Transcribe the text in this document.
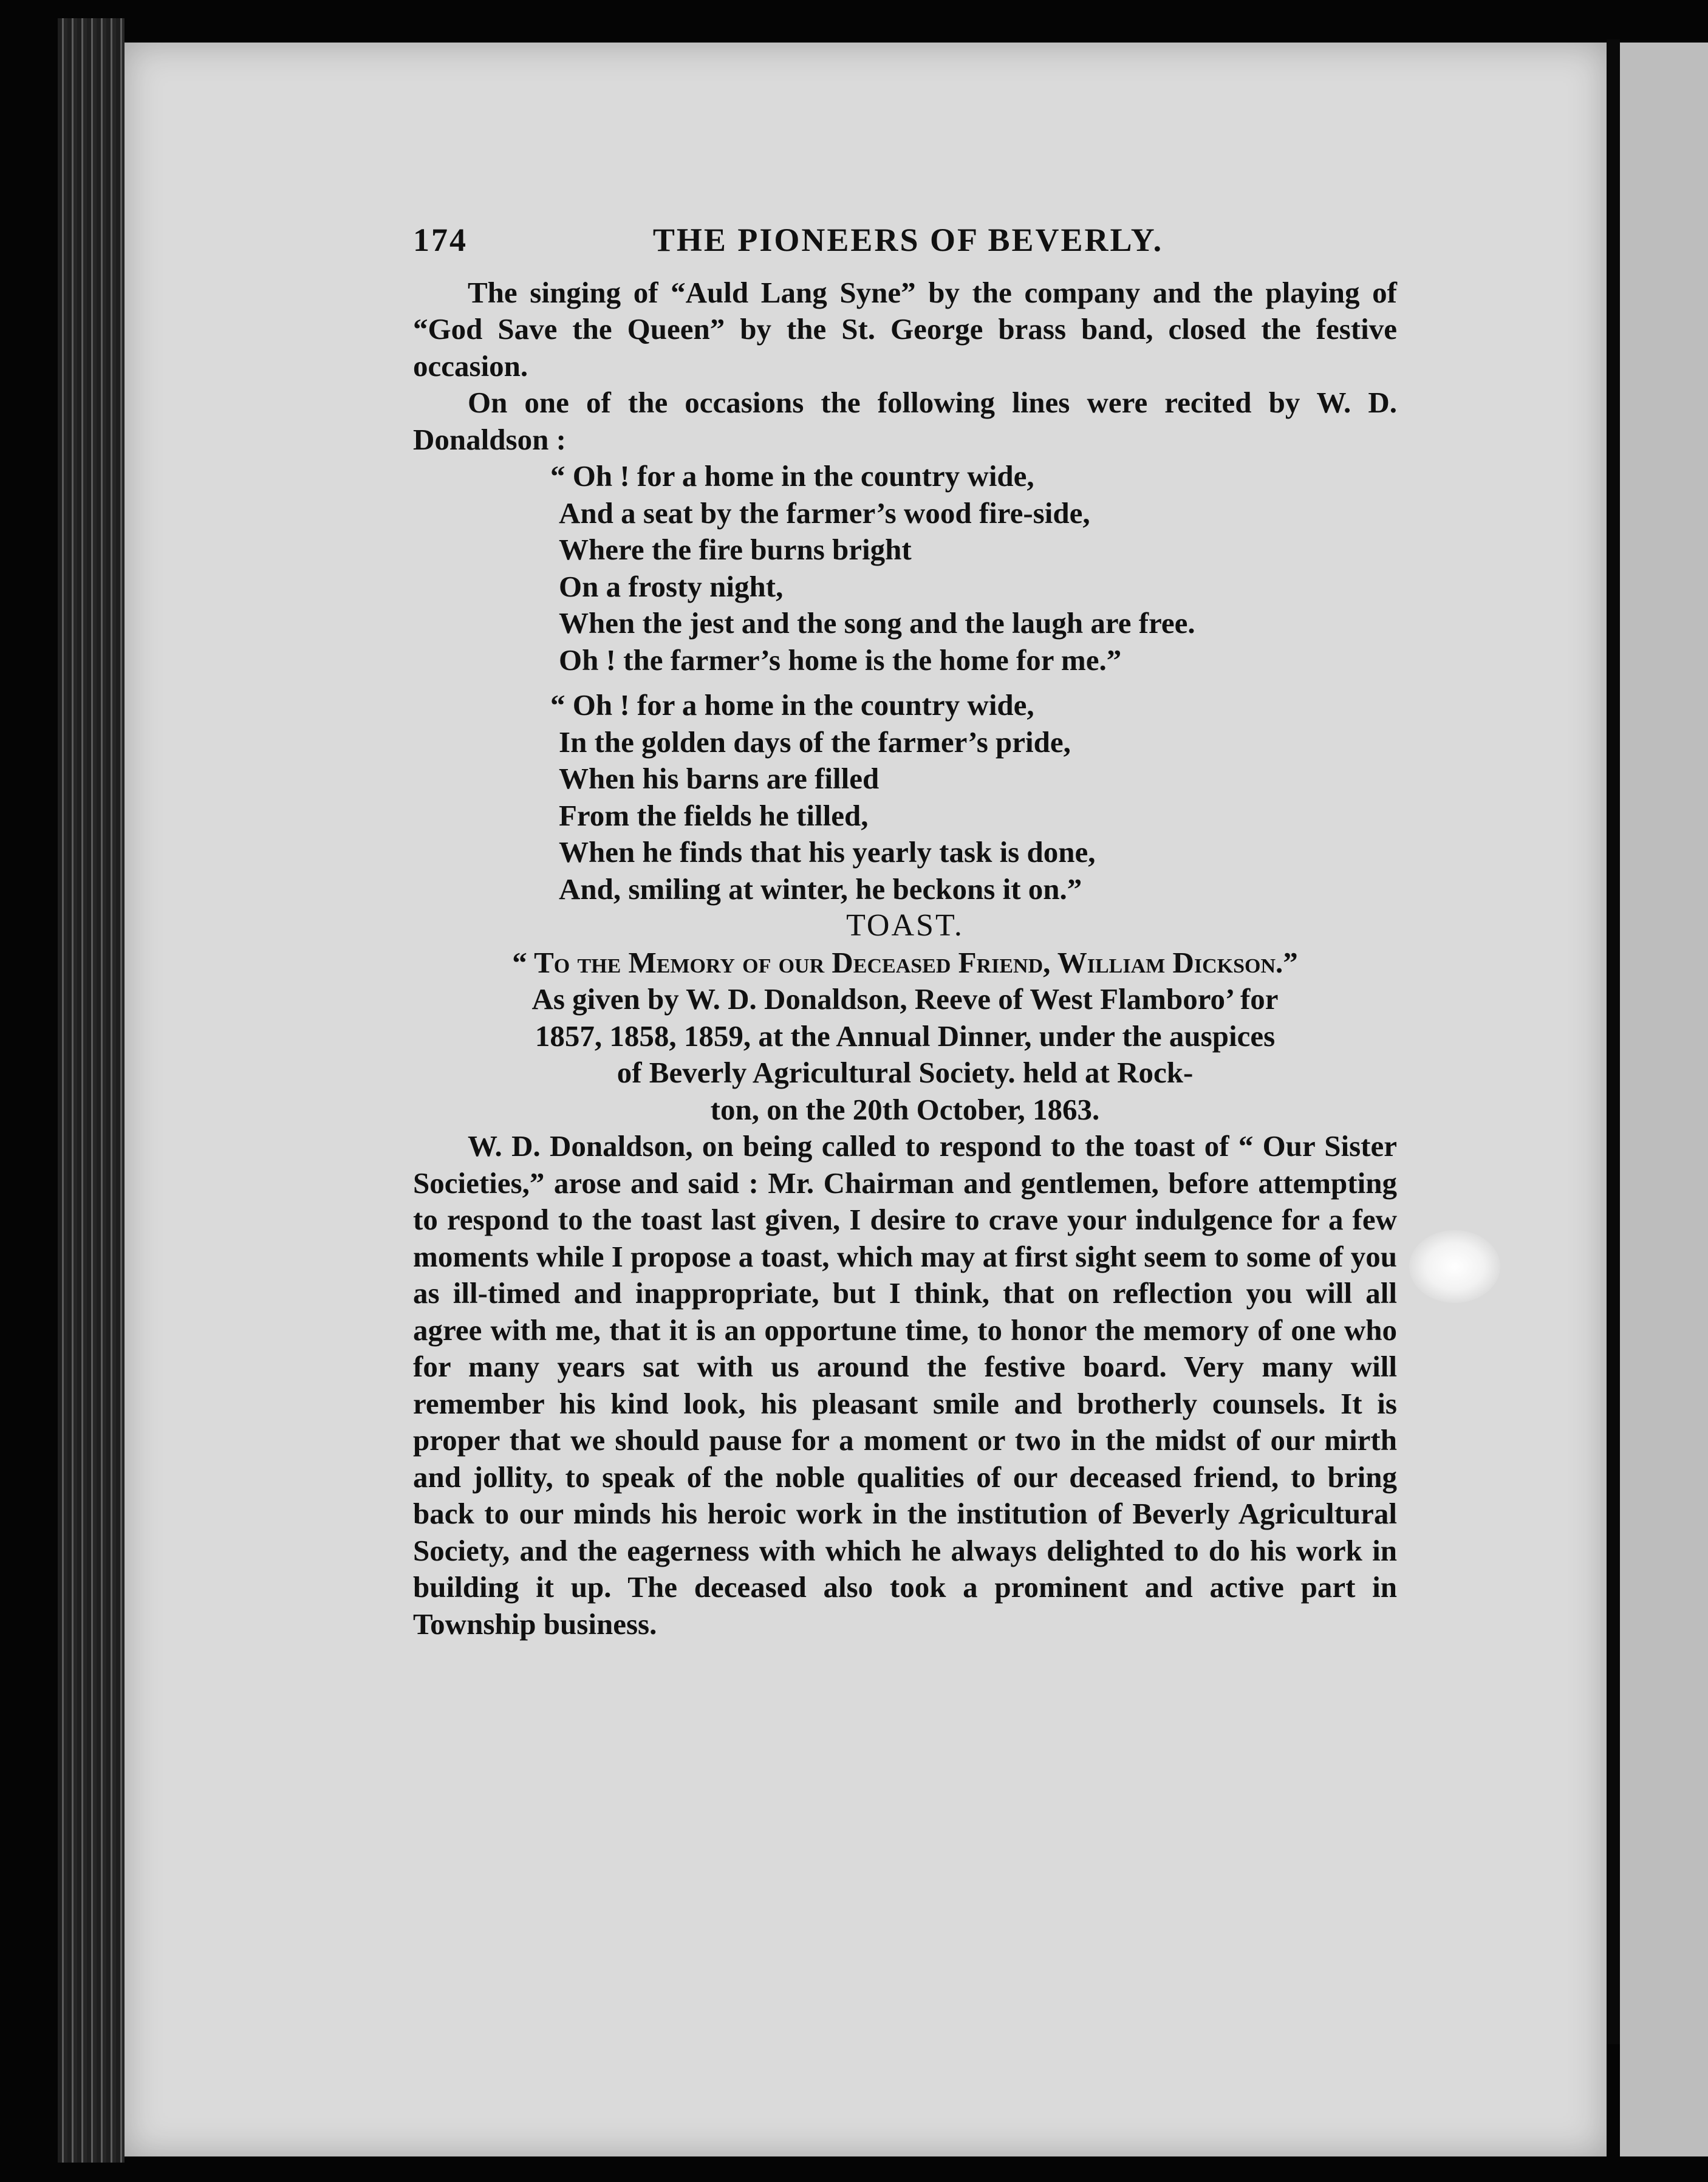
174	THE PIONEERS OF BEVERLY.

The singing of “Auld Lang Syne” by the company and the playing of “God Save the Queen” by the St. George brass band, closed the festive occasion.

On one of the occasions the following lines were recited by W. D. Donaldson :

“ Oh ! for a home in the country wide,

And a seat by the farmer’s wood fire-side,

Where the fire burns bright

On a frosty night,

When the jest and the song and the laugh are free.

Oh ! the farmer’s home is the home for me.”

“ Oh ! for a home in the country wide,

In the golden days of the farmer’s pride,

When his barns are filled

From the fields he tilled,

When he finds that his yearly task is done,

And, smiling at winter, he beckons it on.”

TOAST.

“ To the Memory of our Deceased Friend, William Dickson.”

As given by W. D. Donaldson, Reeve of West Flamboro’ for

1857, 1858, 1859, at the Annual Dinner, under the auspices

of Beverly Agricultural Society. held at Rock-

ton, on the 20th October, 1863.

W. D. Donaldson, on being called to respond to the toast of “ Our Sister Societies,” arose and said : Mr. Chairman and gentlemen, before attempting to respond to the toast last given, I desire to crave your indulgence for a few moments while I propose a toast, which may at first sight seem to some of you as ill-timed and inappropriate, but I think, that on reflection you will all agree with me, that it is an opportune time, to honor the memory of one who for many years sat with us around the festive board. Very many will remember his kind look, his pleasant smile and brotherly counsels. It is proper that we should pause for a moment or two in the midst of our mirth and jollity, to speak of the noble qualities of our deceased friend, to bring back to our minds his heroic work in the institution of Beverly Agricultural Society, and the eagerness with which he always delighted to do his work in building it up. The deceased also took a prominent and active part in Township business.
